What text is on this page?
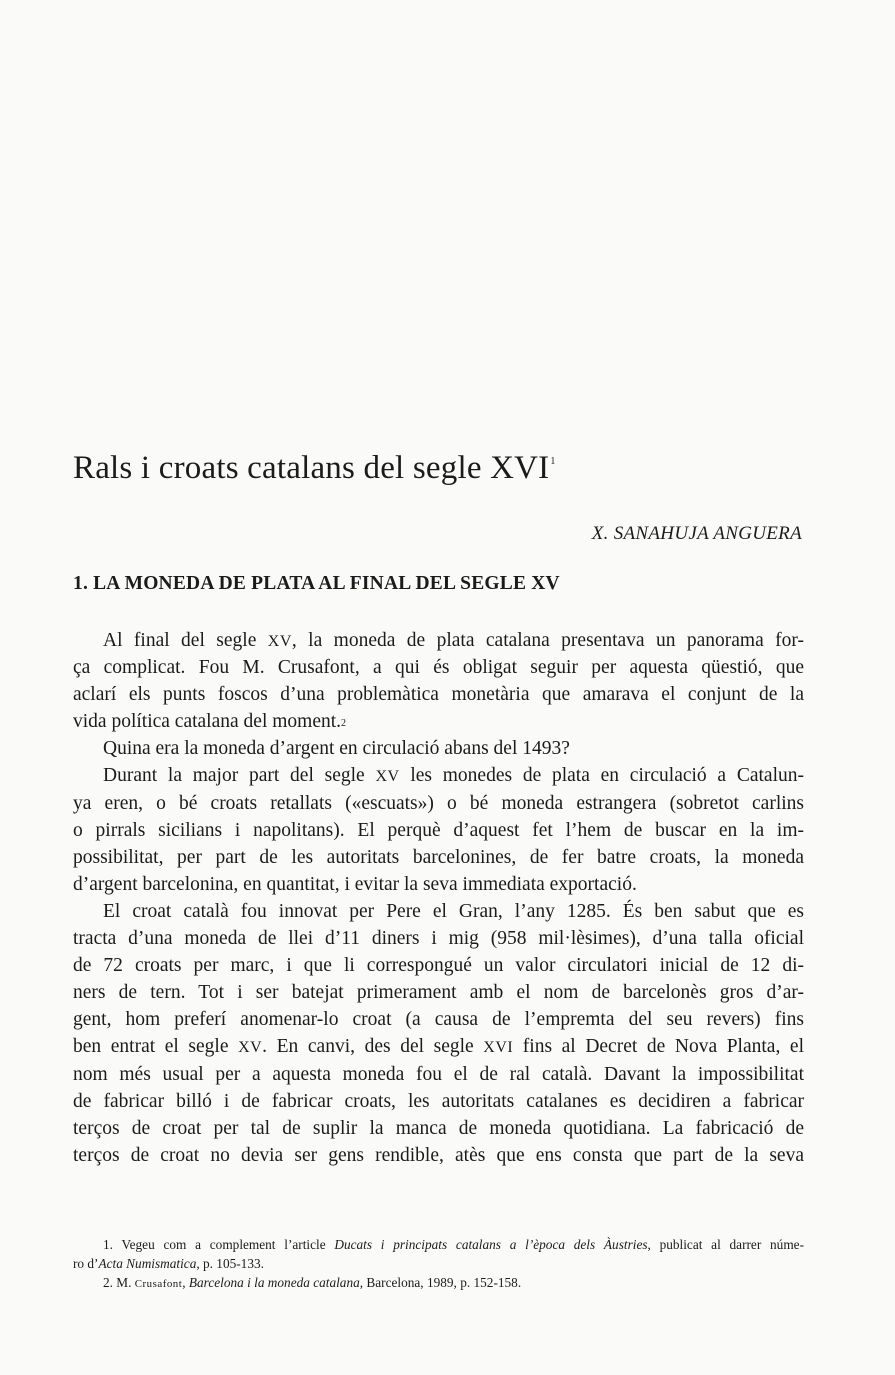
Rals i croats catalans del segle XVI$^1$
X. SANAHUJA ANGUERA
1. LA MONEDA DE PLATA AL FINAL DEL SEGLE XV
Al final del segle XV, la moneda de plata catalana presentava un panorama for-
ça complicat. Fou M. Crusafont, a qui és obligat seguir per aquesta qüestió, que
aclarí els punts foscos d’una problemàtica monetària que amarava el conjunt de la
vida política catalana del moment.$^2$
Quina era la moneda d’argent en circulació abans del 1493?
Durant la major part del segle XV les monedes de plata en circulació a Catalun-
ya eren, o bé croats retallats («escuats») o bé moneda estrangera (sobretot carlins
o pirrals sicilians i napolitans). El perquè d’aquest fet l’hem de buscar en la im-
possibilitat, per part de les autoritats barcelonines, de fer batre croats, la moneda
d’argent barcelonina, en quantitat, i evitar la seva immediata exportació.
El croat català fou innovat per Pere el Gran, l’any 1285. És ben sabut que es
tracta d’una moneda de llei d’11 diners i mig (958 mil·lèsimes), d’una talla oficial
de 72 croats per marc, i que li correspongué un valor circulatori inicial de 12 di-
ners de tern. Tot i ser batejat primerament amb el nom de barcelonès gros d’ar-
gent, hom preferí anomenar-lo croat (a causa de l’empremta del seu revers) fins
ben entrat el segle XV. En canvi, des del segle XVI fins al Decret de Nova Planta, el
nom més usual per a aquesta moneda fou el de ral català. Davant la impossibilitat
de fabricar billó i de fabricar croats, les autoritats catalanes es decidiren a fabricar
terços de croat per tal de suplir la manca de moneda quotidiana. La fabricació de
terços de croat no devia ser gens rendible, atès que ens consta que part de la seva
1. Vegeu com a complement l’article Ducats i principats catalans a l’època dels Àustries, publicat al darrer núme-
ro d’Acta Numismatica, p. 105-133.
2. M. Crusafont, Barcelona i la moneda catalana, Barcelona, 1989, p. 152-158.
